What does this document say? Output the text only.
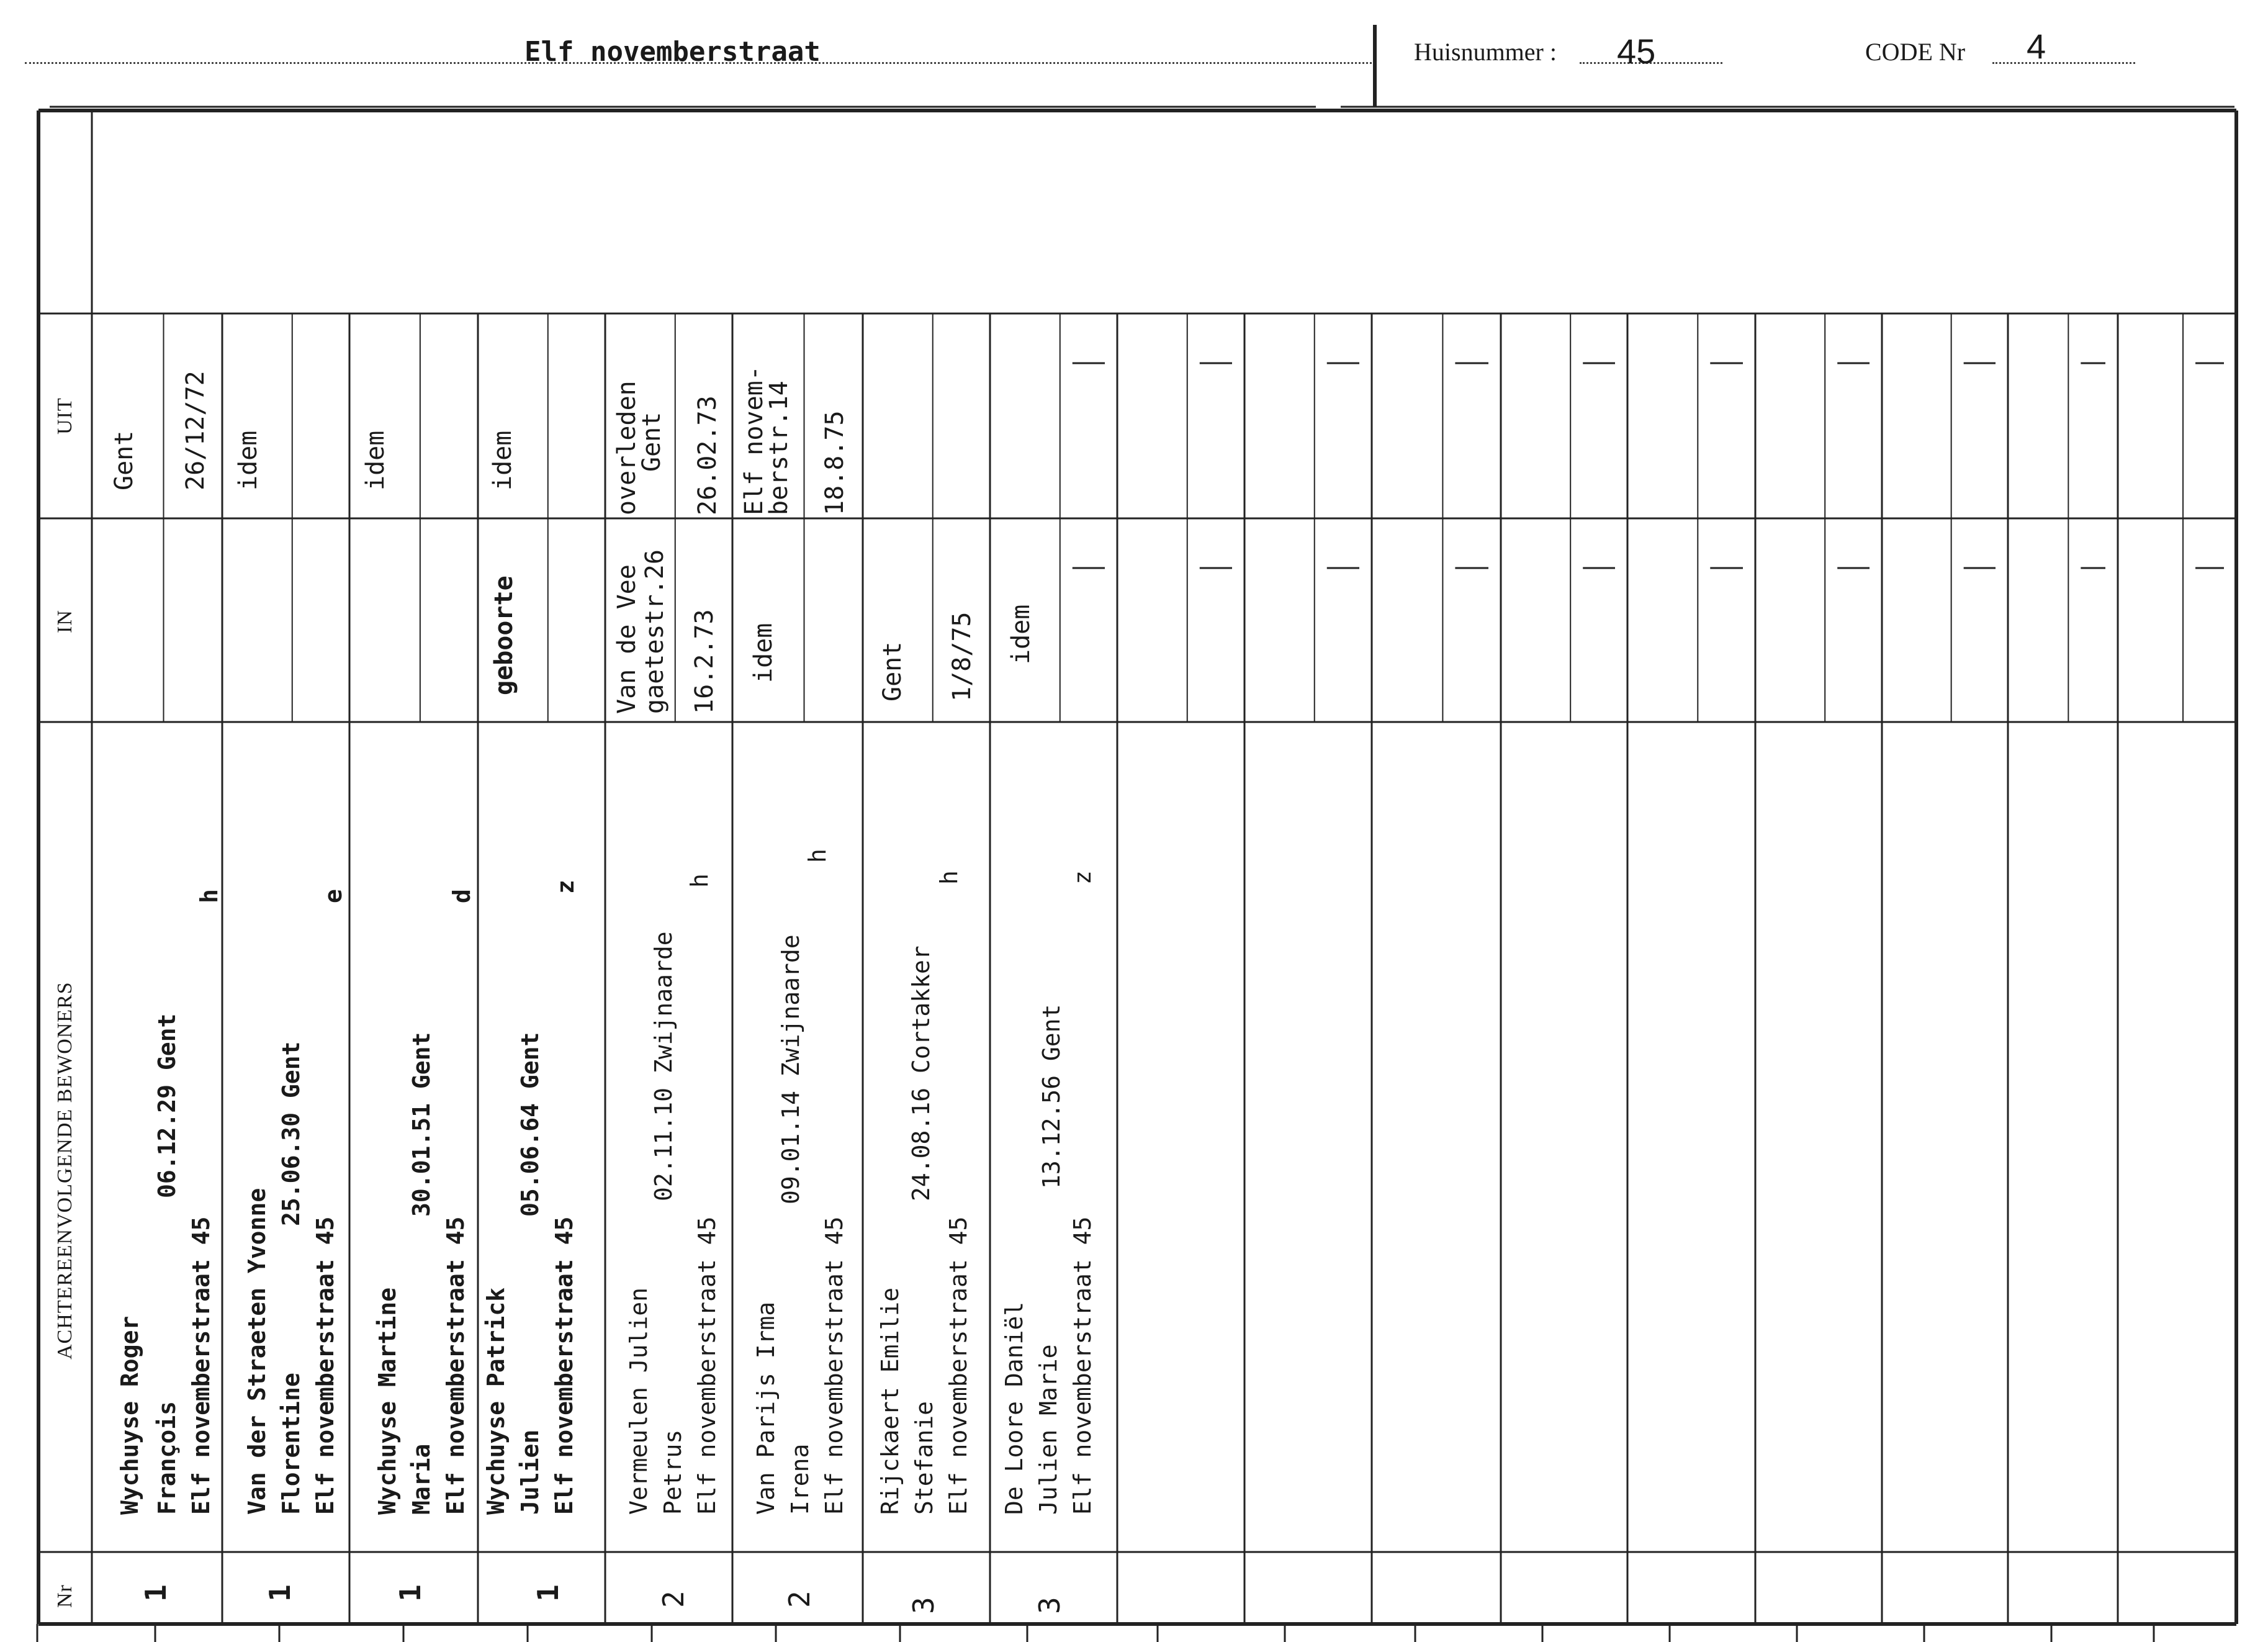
Elf novemberstraat	Huisnummer : 45	CODE Nr 4
UIT
IN
ACHTEREENVOLGENDE BEWONERS
Nr
Gent 26/12/72
Wychuyse Roger François
06.12.29 Gent
Elf novemberstraat 45
h
1
idem
Van der Straeten Yvonne Florentine
25.06.30 Gent
Elf novemberstraat 45
e
1
idem
Wychuyse Martine Maria
30.01.51 Gent
Elf novemberstraat 45
d
1
idem
geboorte
Wychuyse Patrick Julien
05.06.64 Gent
Elf novemberstraat 45
z
1
overleden
Gent 26.02.73
Van de Vee gaetestr.26 16.2.73
Vermeulen Julien Petrus
02.11.10 Zwijnaarde
Elf novemberstraat 45
h
2
Elf novem-
berstr.14 18.8.75
idem
Van Parijs Irma Irena
09.01.14 Zwijnaarde
Elf novemberstraat 45
h
2
Gent 1/8/75
Rijckaert Emilie Stefanie
24.08.16 Cortakker
Elf novemberstraat 45
h
3
idem
De Loore Daniël Julien Marie
13.12.56 Gent
Elf novemberstraat 45
z
3
